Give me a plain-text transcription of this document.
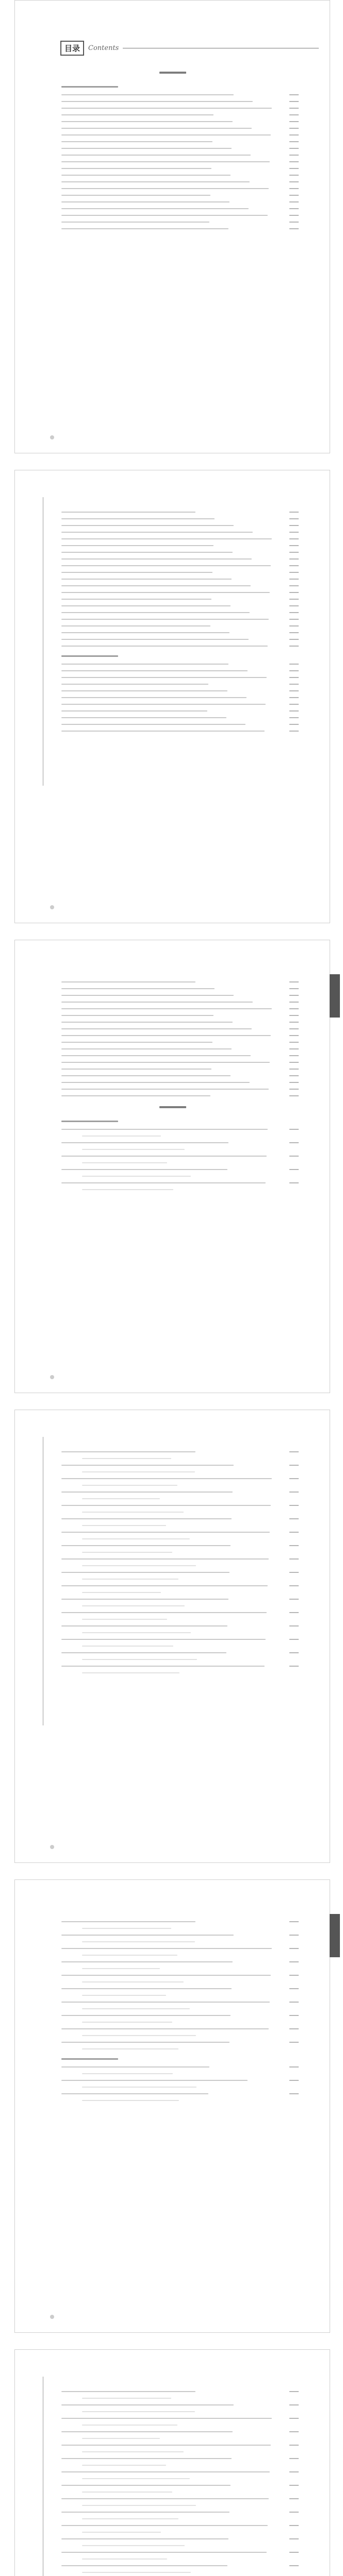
目录	Contents
